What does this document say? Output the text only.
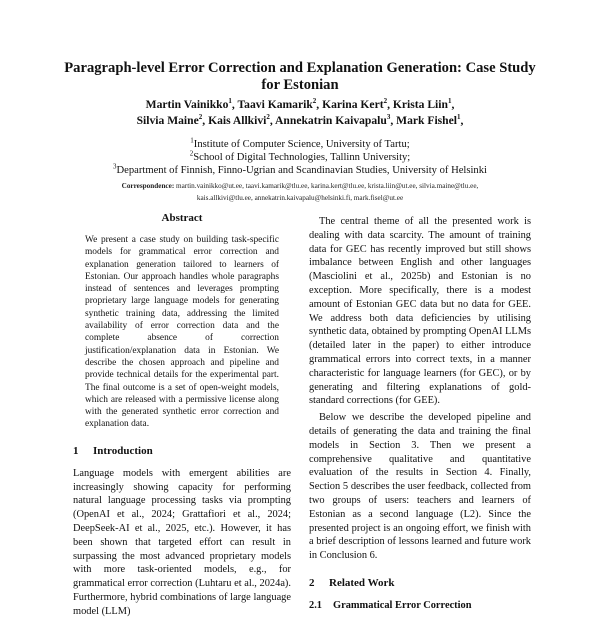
Paragraph-level Error Correction and Explanation Generation: Case Study for Estonian
Martin Vainikko$^1$, Taavi Kamarik$^2$, Karina Kert$^2$, Krista Liin$^1$,
Silvia Maine$^2$, Kais Allkivi$^2$, Annekatrin Kaivapalu$^3$, Mark Fishel$^1$,
$^1$Institute of Computer Science, University of Tartu;
$^2$School of Digital Technologies, Tallinn University;
$^3$Department of Finnish, Finno-Ugrian and Scandinavian Studies, University of Helsinki
Correspondence: martin.vainikko@ut.ee, taavi.kamarik@tlu.ee, karina.kert@tlu.ee, krista.liin@ut.ee, silvia.maine@tlu.ee,
kais.allkivi@tlu.ee, annekatrin.kaivapalu@helsinki.fi, mark.fisel@ut.ee
Abstract
We present a case study on building task-specific models for grammatical error correction and explanation generation tailored to learners of Estonian. Our approach handles whole paragraphs instead of sentences and leverages prompting proprietary large language models for generating synthetic training data, addressing the limited availability of error correction data and the complete absence of correction justification/explanation data in Estonian. We describe the chosen approach and pipeline and provide technical details for the experimental part. The final outcome is a set of open-weight models, which are released with a permissive license along with the generated synthetic error correction and explanation data.
1 Introduction

Language models with emergent abilities are increasingly showing capacity for performing natural language processing tasks via prompting (OpenAI et al., 2024; Grattafiori et al., 2024; DeepSeek-AI et al., 2025, etc.). However, it has been shown that targeted effort can result in surpassing the most advanced proprietary models with more task-oriented models, e.g., for grammatical error correction (Luhtaru et al., 2024a). Furthermore, hybrid combinations of large language model (LLM)

The central theme of all the presented work is dealing with data scarcity. The amount of training data for GEC has recently improved but still shows imbalance between English and other languages (Masciolini et al., 2025b) and Estonian is no exception. More specifically, there is a modest amount of Estonian GEC data but no data for GEE. We address both data deficiencies by utilising synthetic data, obtained by prompting OpenAI LLMs (detailed later in the paper) to either introduce grammatical errors into correct texts, in a manner characteristic for language learners (for GEC), or by generating and filtering explanations of gold-standard corrections (for GEE).

Below we describe the developed pipeline and details of generating the data and training the final models in Section 3. Then we present a comprehensive qualitative and quantitative evaluation of the results in Section 4. Finally, Section 5 describes the user feedback, collected from two groups of users: teachers and learners of Estonian as a second language (L2). Since the presented project is an ongoing effort, we finish with a brief description of lessons learned and future work in Conclusion 6.

2 Related Work
2.1 Grammatical Error Correction
